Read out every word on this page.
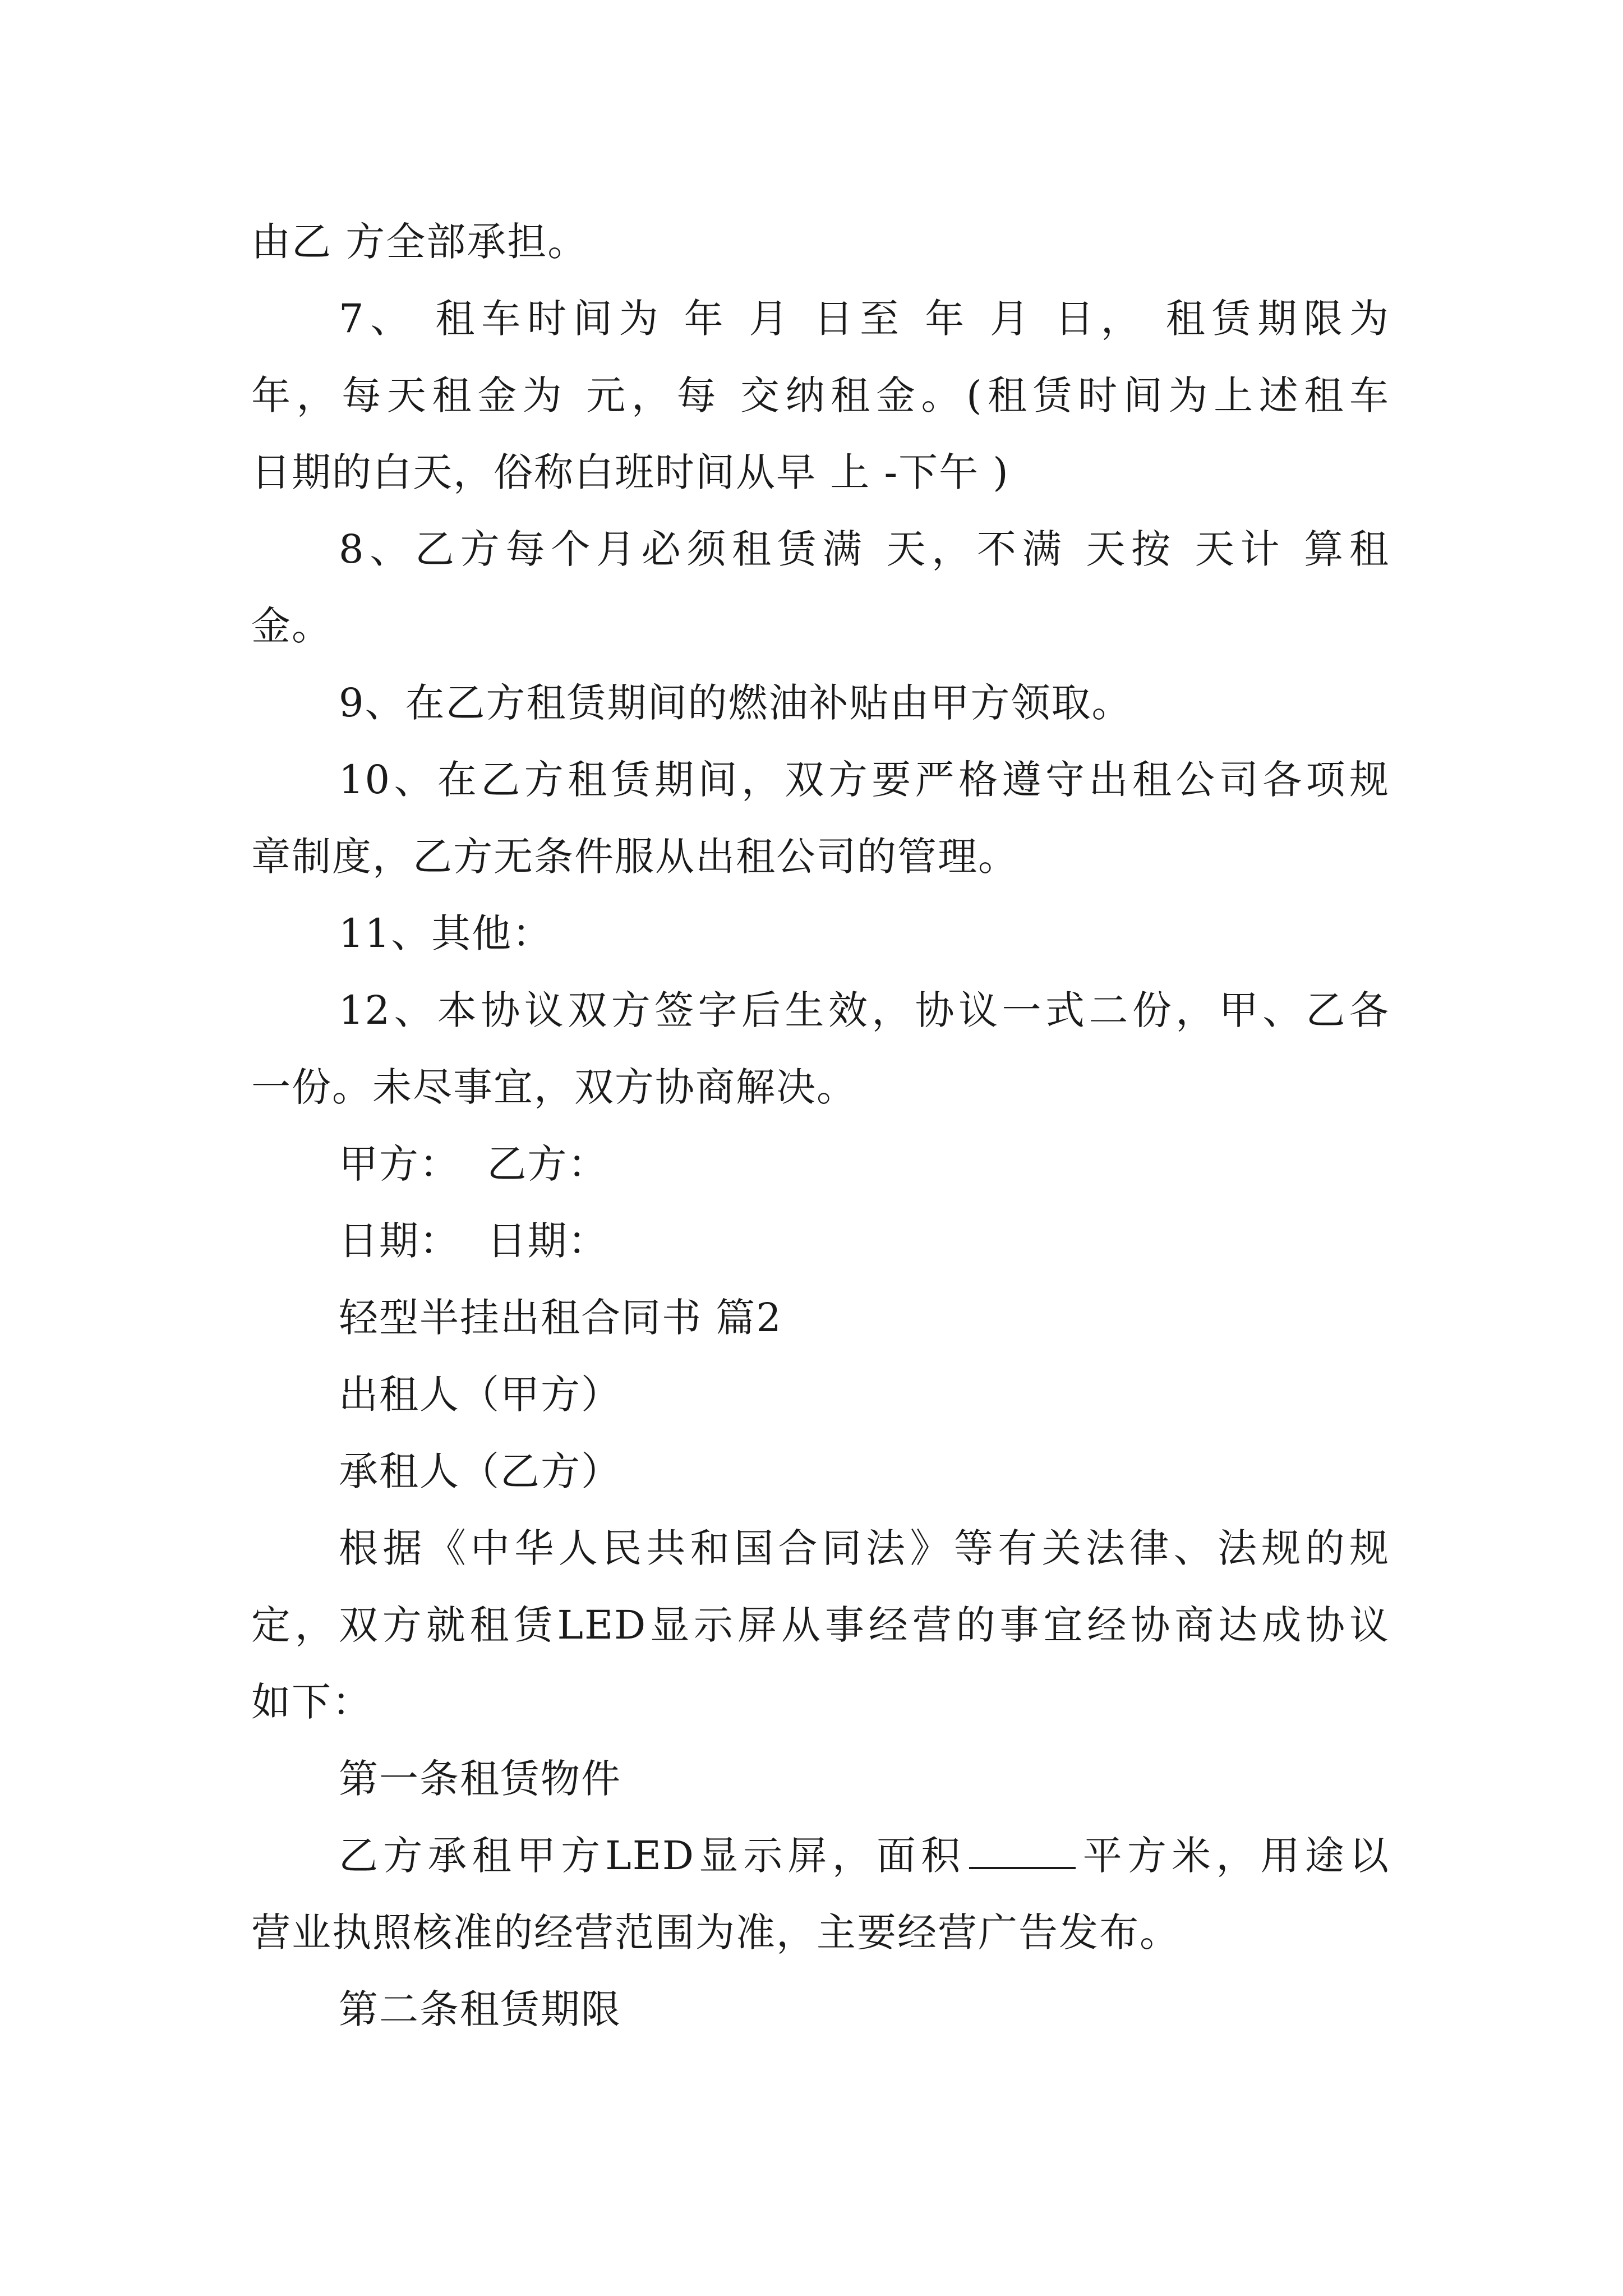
由乙 方全部承担。
7、 租车时间为 年 月 日至 年 月 日， 租赁期限为
年，每天租金为 元，每 交纳租金。(租赁时间为上述租车
日期的白天，俗称白班时间从早 上 -下午 )
8、乙方每个月必须租赁满 天，不满 天按 天计 算租
金。
9、在乙方租赁期间的燃油补贴由甲方领取。
10、在乙方租赁期间，双方要严格遵守出租公司各项规
章制度，乙方无条件服从出租公司的管理。
11、其他：
12、本协议双方签字后生效，协议一式二份，甲、乙各
一份。未尽事宜，双方协商解决。
甲方：  乙方：
日期：  日期：
轻型半挂出租合同书 篇2
出租人（甲方）
承租人（乙方）
根据《中华人民共和国合同法》等有关法律、法规的规
定，双方就租赁LED显示屏从事经营的事宜经协商达成协议
如下：
第一条租赁物件
乙方承租甲方LED显示屏，面积	平方米，用途以
营业执照核准的经营范围为准，主要经营广告发布。
第二条租赁期限
